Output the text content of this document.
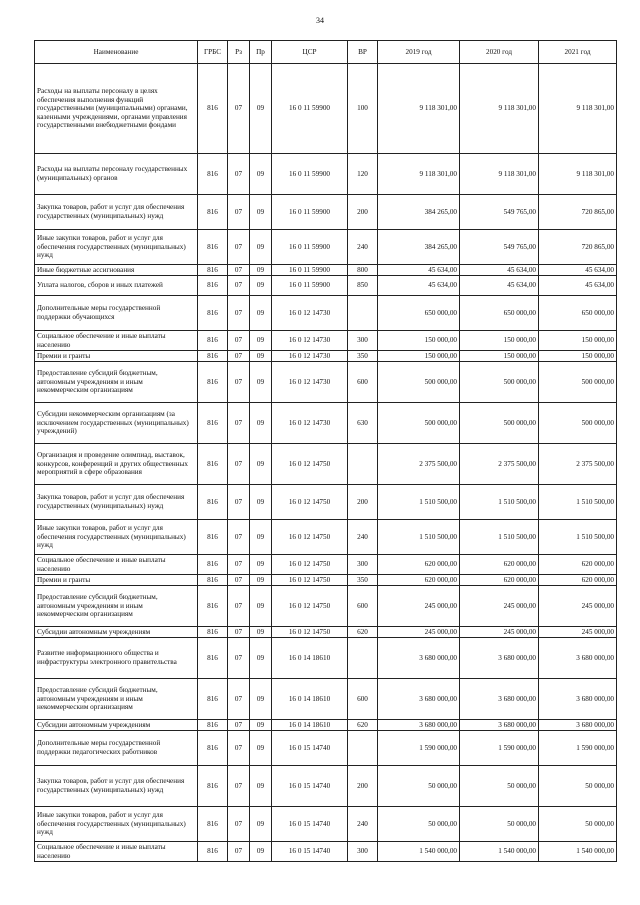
34
Наименование	ГРБС	Рз	Пр	ЦСР	ВР	2019 год	2020 год	2021 год
Расходы на выплаты персоналу в целях обеспечения выполнения функций государственными (муниципальными) органами, казенными учреждениями, органами управления государственными внебюджетными фондами	816	07	09	16 0 11 59900	100	9 118 301,00	9 118 301,00	9 118 301,00
Расходы на выплаты персоналу государственных (муниципальных) органов	816	07	09	16 0 11 59900	120	9 118 301,00	9 118 301,00	9 118 301,00
Закупка товаров, работ и услуг для обеспечения государственных (муниципальных) нужд	816	07	09	16 0 11 59900	200	384 265,00	549 765,00	720 865,00
Иные закупки товаров, работ и услуг для обеспечения государственных (муниципальных) нужд	816	07	09	16 0 11 59900	240	384 265,00	549 765,00	720 865,00
Иные бюджетные ассигнования	816	07	09	16 0 11 59900	800	45 634,00	45 634,00	45 634,00
Уплата налогов, сборов и иных платежей	816	07	09	16 0 11 59900	850	45 634,00	45 634,00	45 634,00
Дополнительные меры государственной поддержки обучающихся	816	07	09	16 0 12 14730		650 000,00	650 000,00	650 000,00
Социальное обеспечение и иные выплаты населению	816	07	09	16 0 12 14730	300	150 000,00	150 000,00	150 000,00
Премии и гранты	816	07	09	16 0 12 14730	350	150 000,00	150 000,00	150 000,00
Предоставление субсидий бюджетным, автономным учреждениям и иным некоммерческим организациям	816	07	09	16 0 12 14730	600	500 000,00	500 000,00	500 000,00
Субсидии некоммерческим организациям (за исключением государственных (муниципальных) учреждений)	816	07	09	16 0 12 14730	630	500 000,00	500 000,00	500 000,00
Организация и проведение олимпиад, выставок, конкурсов, конференций и других общественных мероприятий в сфере образования	816	07	09	16 0 12 14750		2 375 500,00	2 375 500,00	2 375 500,00
Закупка товаров, работ и услуг для обеспечения государственных (муниципальных) нужд	816	07	09	16 0 12 14750	200	1 510 500,00	1 510 500,00	1 510 500,00
Иные закупки товаров, работ и услуг для обеспечения государственных (муниципальных) нужд	816	07	09	16 0 12 14750	240	1 510 500,00	1 510 500,00	1 510 500,00
Социальное обеспечение и иные выплаты населению	816	07	09	16 0 12 14750	300	620 000,00	620 000,00	620 000,00
Премии и гранты	816	07	09	16 0 12 14750	350	620 000,00	620 000,00	620 000,00
Предоставление субсидий бюджетным, автономным учреждениям и иным некоммерческим организациям	816	07	09	16 0 12 14750	600	245 000,00	245 000,00	245 000,00
Субсидии автономным учреждениям	816	07	09	16 0 12 14750	620	245 000,00	245 000,00	245 000,00
Развитие информационного общества и инфраструктуры электронного правительства	816	07	09	16 0 14 18610		3 680 000,00	3 680 000,00	3 680 000,00
Предоставление субсидий бюджетным, автономным учреждениям и иным некоммерческим организациям	816	07	09	16 0 14 18610	600	3 680 000,00	3 680 000,00	3 680 000,00
Субсидии автономным учреждениям	816	07	09	16 0 14 18610	620	3 680 000,00	3 680 000,00	3 680 000,00
Дополнительные меры государственной поддержки педагогических работников	816	07	09	16 0 15 14740		1 590 000,00	1 590 000,00	1 590 000,00
Закупка товаров, работ и услуг для обеспечения государственных (муниципальных) нужд	816	07	09	16 0 15 14740	200	50 000,00	50 000,00	50 000,00
Иные закупки товаров, работ и услуг для обеспечения государственных (муниципальных) нужд	816	07	09	16 0 15 14740	240	50 000,00	50 000,00	50 000,00
Социальное обеспечение и иные выплаты населению	816	07	09	16 0 15 14740	300	1 540 000,00	1 540 000,00	1 540 000,00
